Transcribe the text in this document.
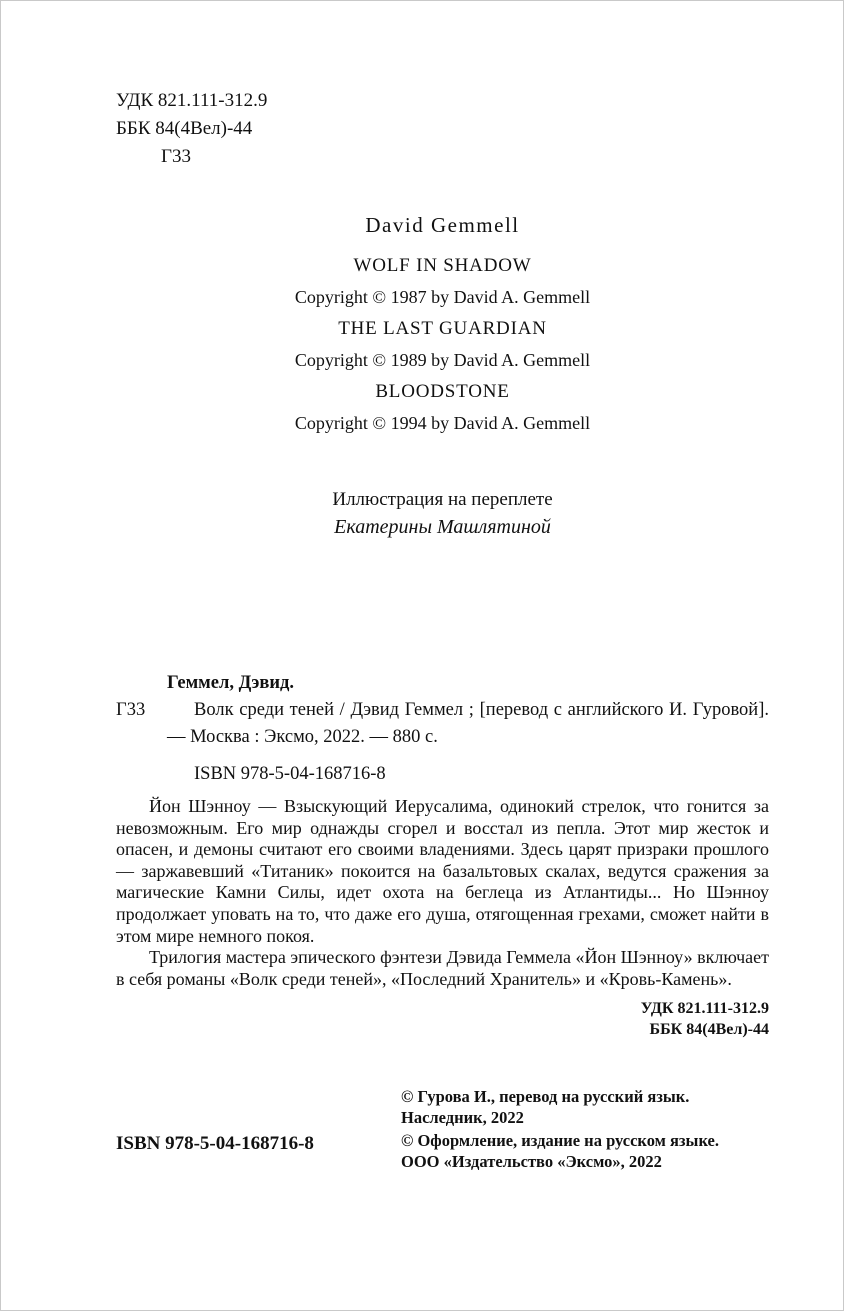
УДК 821.111-312.9
ББК 84(4Вел)-44
Г33
David Gemmell
WOLF IN SHADOW
Copyright © 1987 by David A. Gemmell
THE LAST GUARDIAN
Copyright © 1989 by David A. Gemmell
BLOODSTONE
Copyright © 1994 by David A. Gemmell
Иллюстрация на переплете
Екатерины Машлятиной
Геммел, Дэвид.
Г33	Волк среди теней / Дэвид Геммел ; [перевод с английского И. Гуровой]. — Москва : Эксмо, 2022. — 880 с.
ISBN 978-5-04-168716-8

Йон Шэнноу — Взыскующий Иерусалима, одинокий стрелок, что гонится за невозможным. Его мир однажды сгорел и восстал из пепла. Этот мир жесток и опасен, и демоны считают его своими владениями. Здесь царят призраки прошлого — заржавевший «Титаник» покоится на базальтовых скалах, ведутся сражения за магические Камни Силы, идет охота на беглеца из Атлантиды... Но Шэнноу продолжает уповать на то, что даже его душа, отягощенная грехами, сможет найти в этом мире немного покоя.

Трилогия мастера эпического фэнтези Дэвида Геммела «Йон Шэнноу» включает в себя романы «Волк среди теней», «Последний Хранитель» и «Кровь-Камень».

УДК 821.111-312.9
ББК 84(4Вел)-44
© Гурова И., перевод на русский язык.
Наследник, 2022
© Оформление, издание на русском языке.
ООО «Издательство «Эксмо», 2022
ISBN 978-5-04-168716-8
